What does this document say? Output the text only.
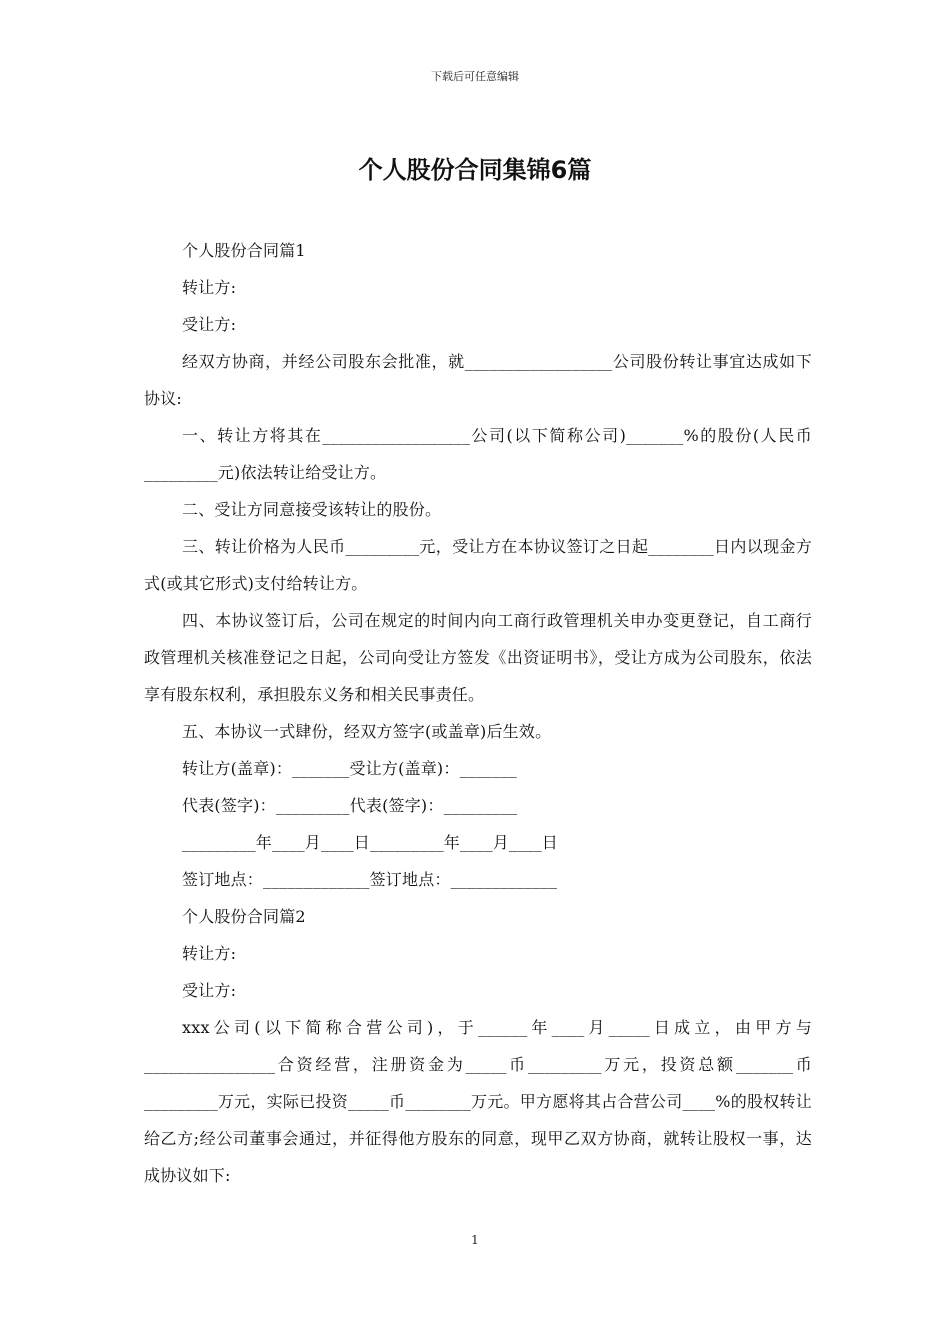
下载后可任意编辑
个人股份合同集锦6篇

个人股份合同篇1

转让方:

受让方:

经双方协商，并经公司股东会批准，就__________________公司股份转让事宜达成如下协议:

一、转让方将其在__________________公司(以下简称公司)_______%的股份(人民币_________元)依法转让给受让方。

二、受让方同意接受该转让的股份。

三、转让价格为人民币_________元，受让方在本协议签订之日起________日内以现金方式(或其它形式)支付给转让方。

四、本协议签订后，公司在规定的时间内向工商行政管理机关申办变更登记，自工商行政管理机关核准登记之日起，公司向受让方签发《出资证明书》，受让方成为公司股东，依法享有股东权利，承担股东义务和相关民事责任。

五、本协议一式肆份，经双方签字(或盖章)后生效。

转让方(盖章)：_______受让方(盖章)：_______

代表(签字)：_________代表(签字)：_________

_________年____月____日_________年____月____日

签订地点：_____________签订地点：_____________

个人股份合同篇2

转让方:

受让方:

xxx公司(以下简称合营公司)，于______年____月_____日成立，由甲方与________________合资经营，注册资金为_____币_________万元，投资总额_______币_________万元，实际已投资_____币________万元。甲方愿将其占合营公司____%的股权转让给乙方;经公司董事会通过，并征得他方股东的同意，现甲乙双方协商，就转让股权一事，达成协议如下:

1
